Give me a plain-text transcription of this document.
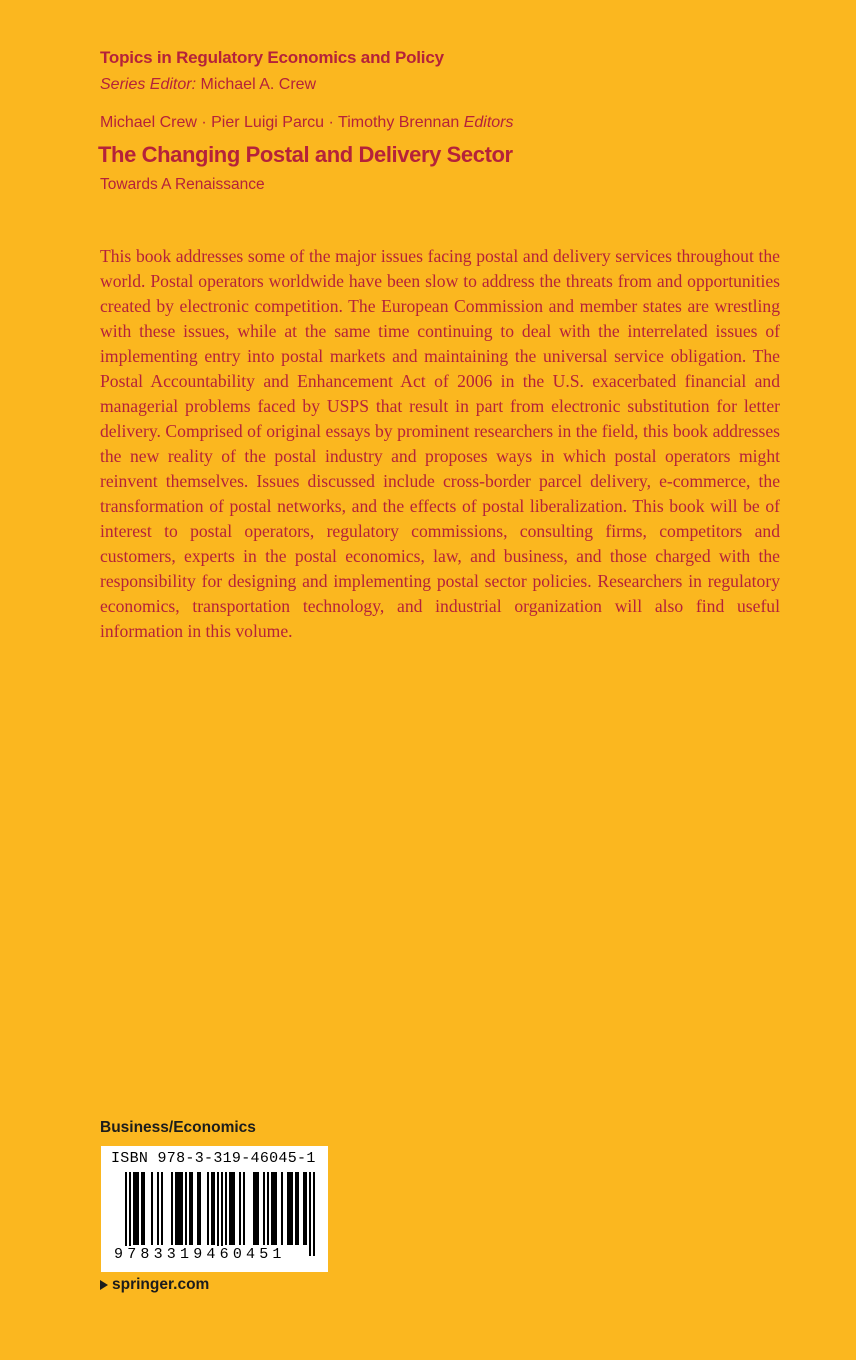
Topics in Regulatory Economics and Policy
Series Editor: Michael A. Crew
Michael Crew · Pier Luigi Parcu · Timothy Brennan Editors
The Changing Postal and Delivery Sector
Towards A Renaissance

This book addresses some of the major issues facing postal and delivery services throughout the world. Postal operators worldwide have been slow to address the threats from and opportunities created by electronic competition. The European Commission and member states are wrestling with these issues, while at the same time continuing to deal with the interrelated issues of implementing entry into postal markets and maintaining the universal service obligation. The Postal Accountability and Enhancement Act of 2006 in the U.S. exacerbated financial and managerial problems faced by USPS that result in part from electronic substitution for letter delivery. Comprised of original essays by prominent researchers in the field, this book addresses the new reality of the postal industry and proposes ways in which postal operators might reinvent themselves. Issues discussed include cross-border parcel delivery, e-commerce, the transformation of postal networks, and the effects of postal liberalization. This book will be of interest to postal operators, regulatory commissions, consulting firms, competitors and customers, experts in the postal economics, law, and business, and those charged with the responsibility for designing and implementing postal sector policies. Researchers in regulatory economics, transportation technology, and industrial organization will also find useful information in this volume.

Business/Economics
ISBN 978-3-319-46045-1
9783319460451
springer.com
